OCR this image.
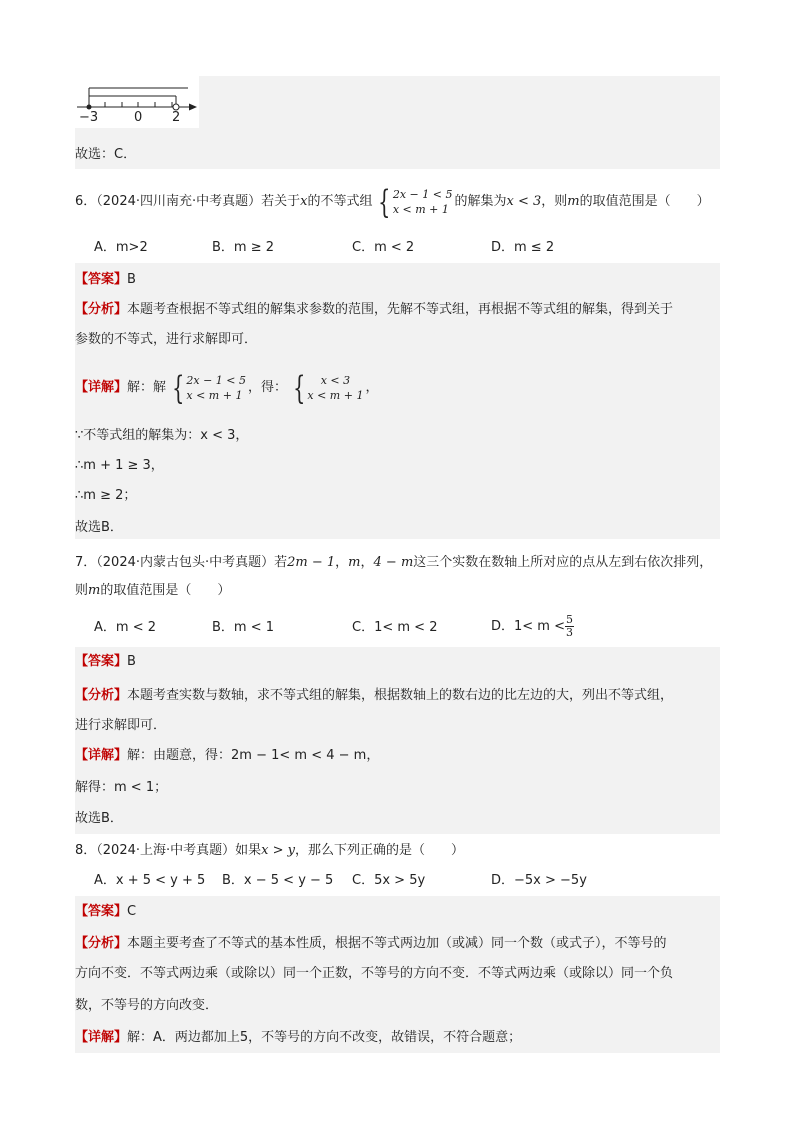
−3	0 2
故选：C．
6．（2024·四川南充·中考真题）若关于x的不等式组 { 2x − 1 < 5
x < m + 1 的解集为x < 3，则m的取值范围是（　　）
A．m>2	B．m ≥ 2	C．m < 2	D．m ≤ 2
【答案】B
【分析】本题考查根据不等式组的解集求参数的范围，先解不等式组，再根据不等式组的解集，得到关于
参数的不等式，进行求解即可．
【详解】解：解 { 2x − 1 < 5
x < m + 1 ，得： {	x < 3
x < m + 1 ，
∵不等式组的解集为：x < 3，
∴m + 1 ≥ 3，
∴m ≥ 2；
故选B．
7．（2024·内蒙古包头·中考真题）若2m − 1，m，4 − m这三个实数在数轴上所对应的点从左到右依次排列，
则m的取值范围是（　　）
A．m < 2	B．m < 1	C．1< m < 2	D．$1< m < \frac{5}{3}$
【答案】B
【分析】本题考查实数与数轴，求不等式组的解集，根据数轴上的数右边的比左边的大，列出不等式组，
进行求解即可．
【详解】解：由题意，得：2m − 1< m < 4 − m，
解得：m < 1；
故选B．
8．（2024·上海·中考真题）如果x > y，那么下列正确的是（　　）
A．x + 5 < y + 5 B．x − 5 < y − 5 C．5x > 5y	D．−5x > −5y
【答案】C
【分析】本题主要考查了不等式的基本性质，根据不等式两边加（或减）同一个数（或式子），不等号的
方向不变．不等式两边乘（或除以）同一个正数，不等号的方向不变．不等式两边乘（或除以）同一个负
数，不等号的方向改变．
【详解】解：A．两边都加上5，不等号的方向不改变，故错误，不符合题意；
